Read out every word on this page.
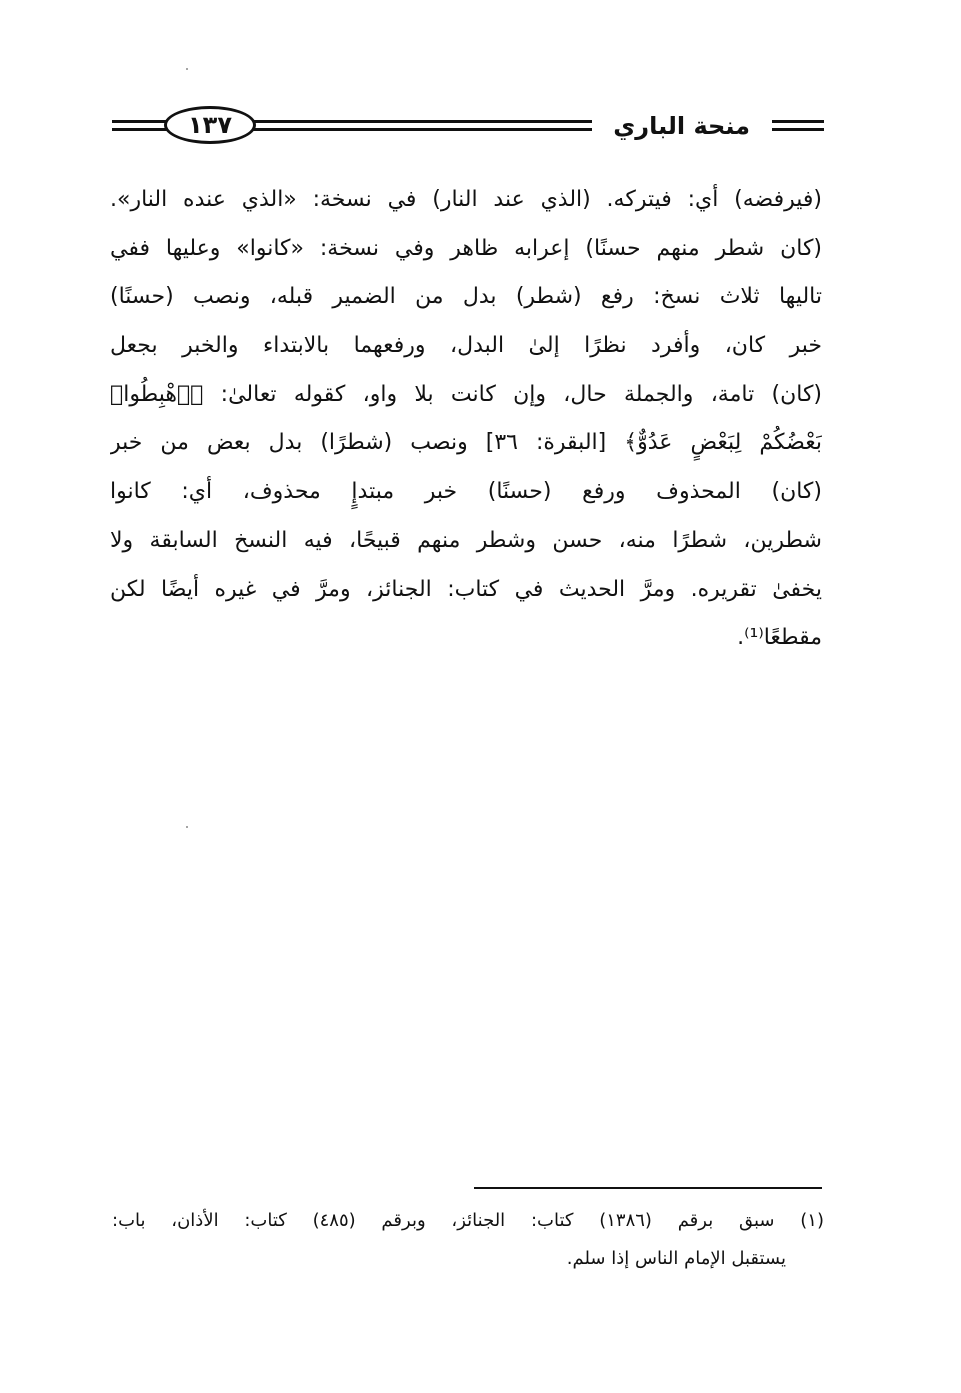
١٣٧	منحة الباري
(فيرفضه) أي: فيتركه. (الذي عند النار) في نسخة: «الذي عنده النار».
(كان شطر منهم حسنًا) إعرابه ظاهر وفي نسخة: «كانوا» وعليها ففي
تاليها ثلاث نسخ: رفع (شطر) بدل من الضمير قبله، ونصب (حسنًا)
خبر كان، وأفرد نظرًا إلىٰ البدل، ورفعهما بالابتداء والخبر بجعل
(كان) تامة، والجملة حال، وإن كانت بلا واو، كقوله تعالىٰ: ﴿ٱهْبِطُوا۟
بَعْضُكُمْ لِبَعْضٍ عَدُوٌّ﴾ [البقرة: ٣٦] ونصب (شطرًا) بدل بعض من خبر
(كان) المحذوف ورفع (حسنًا) خبر مبتدإٍ محذوف، أي: كانوا
شطرين، شطرًا منه، حسن وشطر منهم قبيحًا، فيه النسخ السابقة ولا
يخفىٰ تقريره. ومرَّ الحديث في كتاب: الجنائز، ومرَّ في غيره أيضًا لكن
مقطعًا⁽¹⁾.
(١) سبق برقم (١٣٨٦) كتاب: الجنائز، وبرقم (٤٨٥) كتاب: الأذان، باب:
يستقبل الإمام الناس إذا سلم.
